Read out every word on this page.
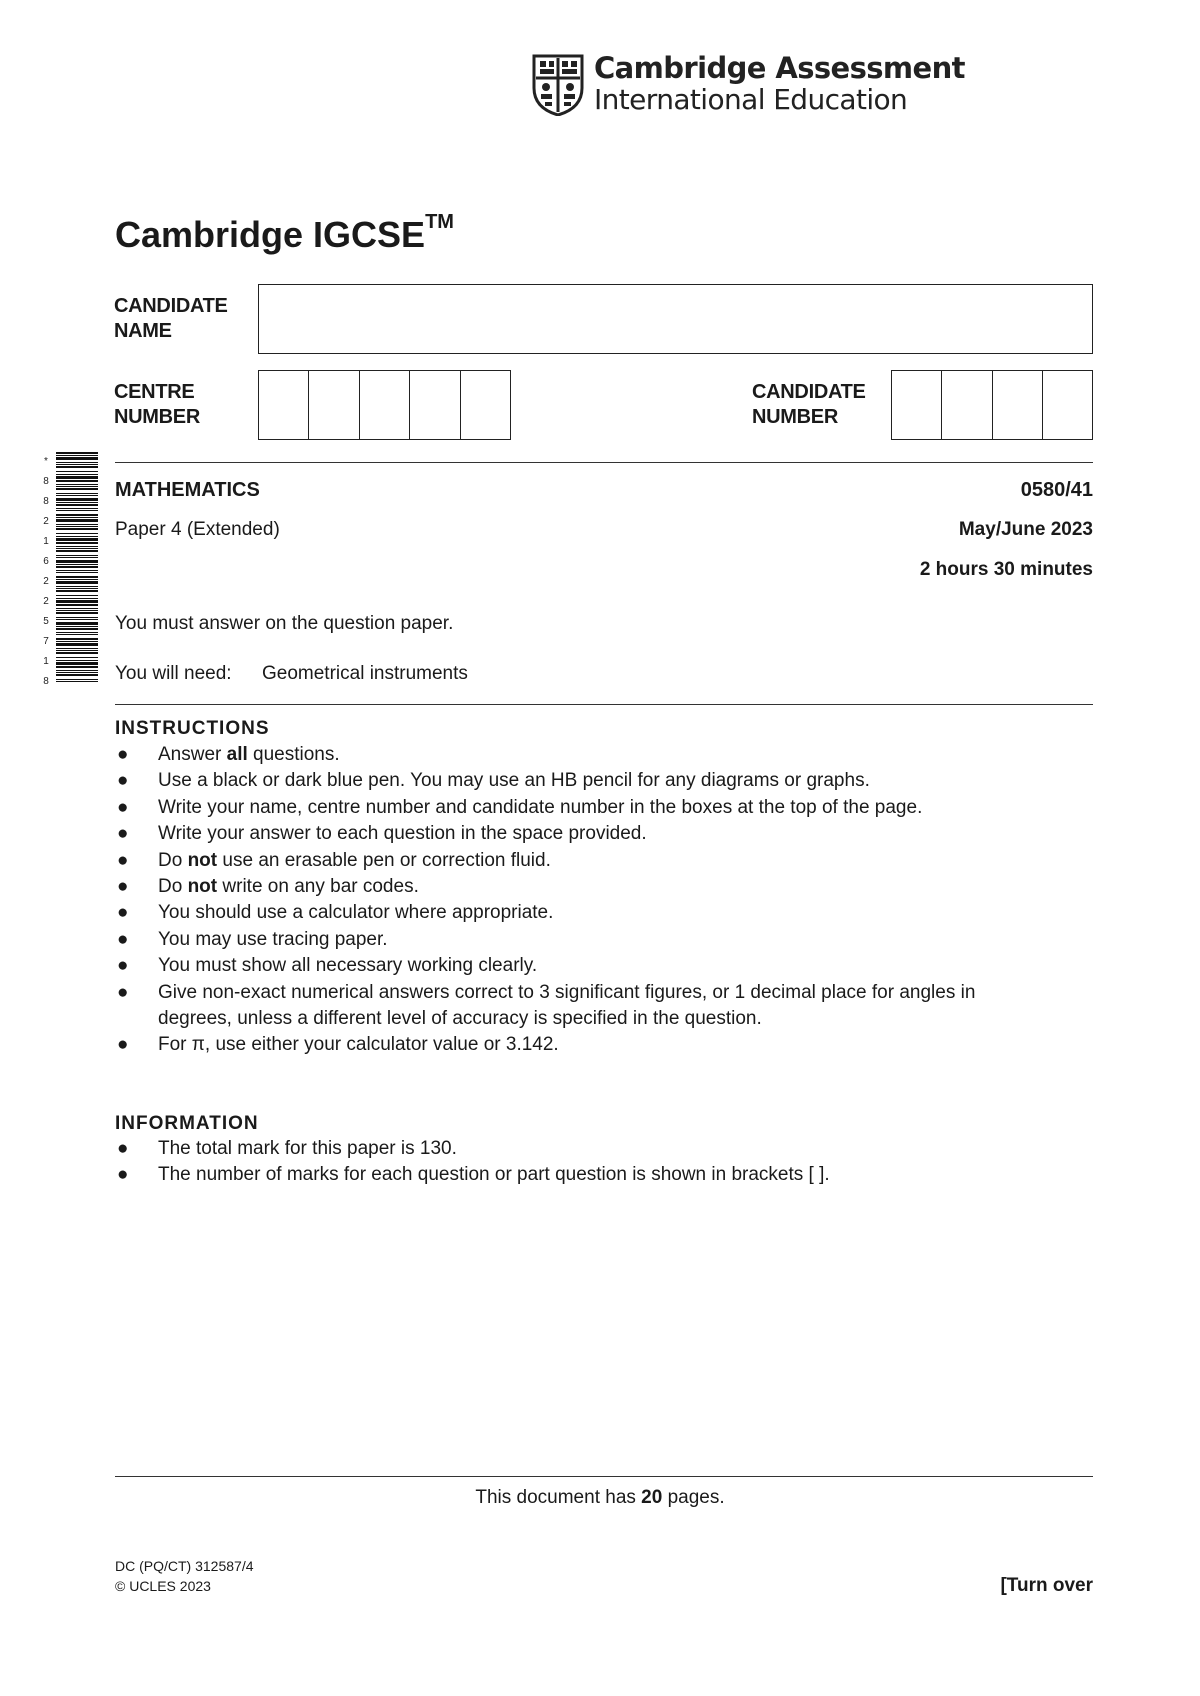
Cambridge Assessment
International Education
Cambridge IGCSE™
CANDIDATE
NAME
CENTRE
NUMBER
CANDIDATE
NUMBER
*
8
8
2
1
6
2
2
5
7
1
8
MATHEMATICS	0580/41
Paper 4 (Extended)	May/June 2023
2 hours 30 minutes
You must answer on the question paper.
You will need: Geometrical instruments
INSTRUCTIONS
● Answer all questions.
● Use a black or dark blue pen. You may use an HB pencil for any diagrams or graphs.
● Write your name, centre number and candidate number in the boxes at the top of the page.
● Write your answer to each question in the space provided.
● Do not use an erasable pen or correction fluid.
● Do not write on any bar codes.
● You should use a calculator where appropriate.
● You may use tracing paper.
● You must show all necessary working clearly.
● Give non-exact numerical answers correct to 3 significant figures, or 1 decimal place for angles in degrees, unless a different level of accuracy is specified in the question.
● For π, use either your calculator value or 3.142.
INFORMATION
● The total mark for this paper is 130.
● The number of marks for each question or part question is shown in brackets [ ].
This document has 20 pages.
DC (PQ/CT) 312587/4
© UCLES 2023	[Turn over
